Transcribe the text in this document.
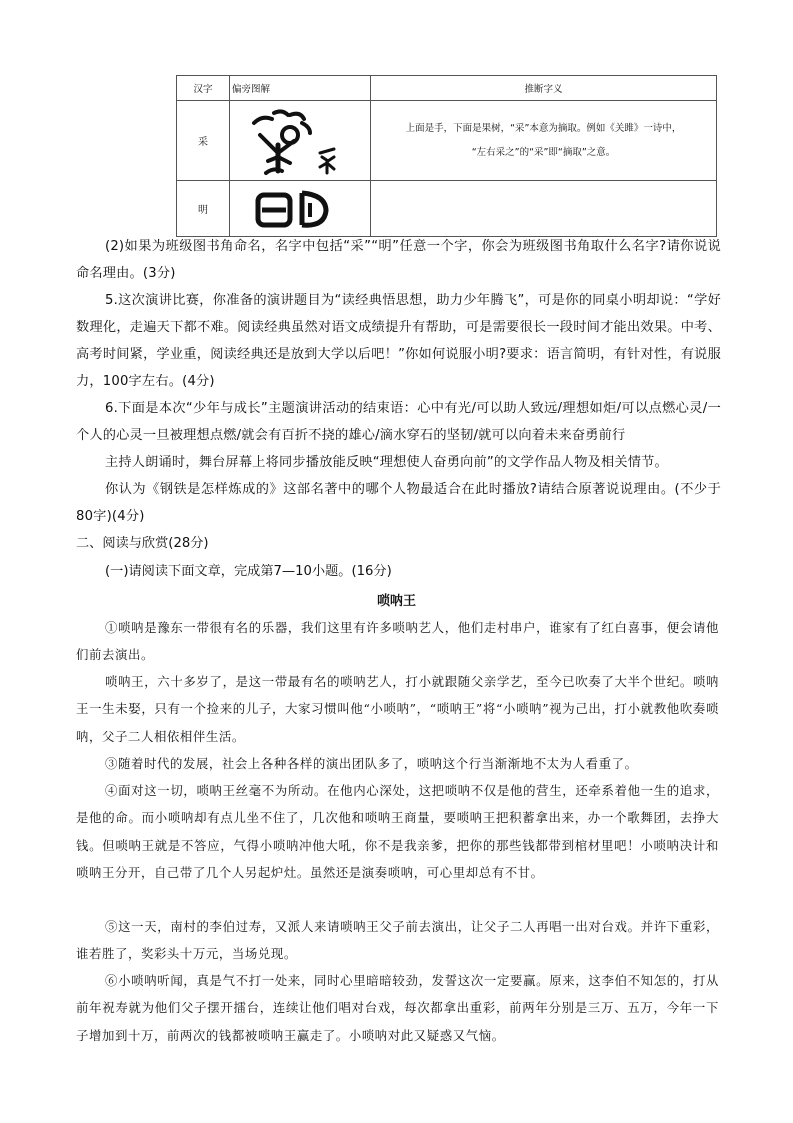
汉字	偏旁图解	推断字义
采		上面是手，下面是果树，“采”本意为摘取。例如《关雎》一诗中，
“左右采之”的“采”即“摘取”之意。

明	

(2)如果为班级图书角命名，名字中包括“采”“明”任意一个字，你会为班级图书角取什么名字?请你说说命名理由。(3分)
5.这次演讲比赛，你准备的演讲题目为“读经典悟思想，助力少年腾飞”，可是你的同桌小明却说：“学好数理化，走遍天下都不难。阅读经典虽然对语文成绩提升有帮助，可是需要很长一段时间才能出效果。中考、高考时间紧，学业重，阅读经典还是放到大学以后吧！”你如何说服小明?要求：语言简明，有针对性，有说服力，100字左右。(4分)
6.下面是本次“少年与成长”主题演讲活动的结束语：心中有光/可以助人致远/理想如炬/可以点燃心灵/一个人的心灵一旦被理想点燃/就会有百折不挠的雄心/滴水穿石的坚韧/就可以向着未来奋勇前行
主持人朗诵时，舞台屏幕上将同步播放能反映“理想使人奋勇向前”的文学作品人物及相关情节。
你认为《钢铁是怎样炼成的》这部名著中的哪个人物最适合在此时播放?请结合原著说说理由。(不少于80字)(4分)
二、阅读与欣赏(28分)
(一)请阅读下面文章，完成第7—10小题。(16分)
唢呐王
①唢呐是豫东一带很有名的乐器，我们这里有许多唢呐艺人，他们走村串户，谁家有了红白喜事，便会请他们前去演出。
唢呐王，六十多岁了，是这一带最有名的唢呐艺人，打小就跟随父亲学艺，至今已吹奏了大半个世纪。唢呐王一生未娶，只有一个捡来的儿子，大家习惯叫他“小唢呐”，“唢呐王”将“小唢呐”视为己出，打小就教他吹奏唢呐，父子二人相依相伴生活。
③随着时代的发展，社会上各种各样的演出团队多了，唢呐这个行当渐渐地不太为人看重了。
④面对这一切，唢呐王丝毫不为所动。在他内心深处，这把唢呐不仅是他的营生，还牵系着他一生的追求，是他的命。而小唢呐却有点儿坐不住了，几次他和唢呐王商量，要唢呐王把积蓄拿出来，办一个歌舞团，去挣大钱。但唢呐王就是不答应，气得小唢呐冲他大吼，你不是我亲爹，把你的那些钱都带到棺材里吧！小唢呐决计和唢呐王分开，自己带了几个人另起炉灶。虽然还是演奏唢呐，可心里却总有不甘。
⑤这一天，南村的李伯过寿，又派人来请唢呐王父子前去演出，让父子二人再唱一出对台戏。并许下重彩，谁若胜了，奖彩头十万元，当场兑现。
⑥小唢呐听闻，真是气不打一处来，同时心里暗暗较劲，发誓这次一定要赢。原来，这李伯不知怎的，打从前年祝寿就为他们父子摆开擂台，连续让他们唱对台戏，每次都拿出重彩，前两年分别是三万、五万，今年一下子增加到十万，前两次的钱都被唢呐王赢走了。小唢呐对此又疑惑又气恼。
